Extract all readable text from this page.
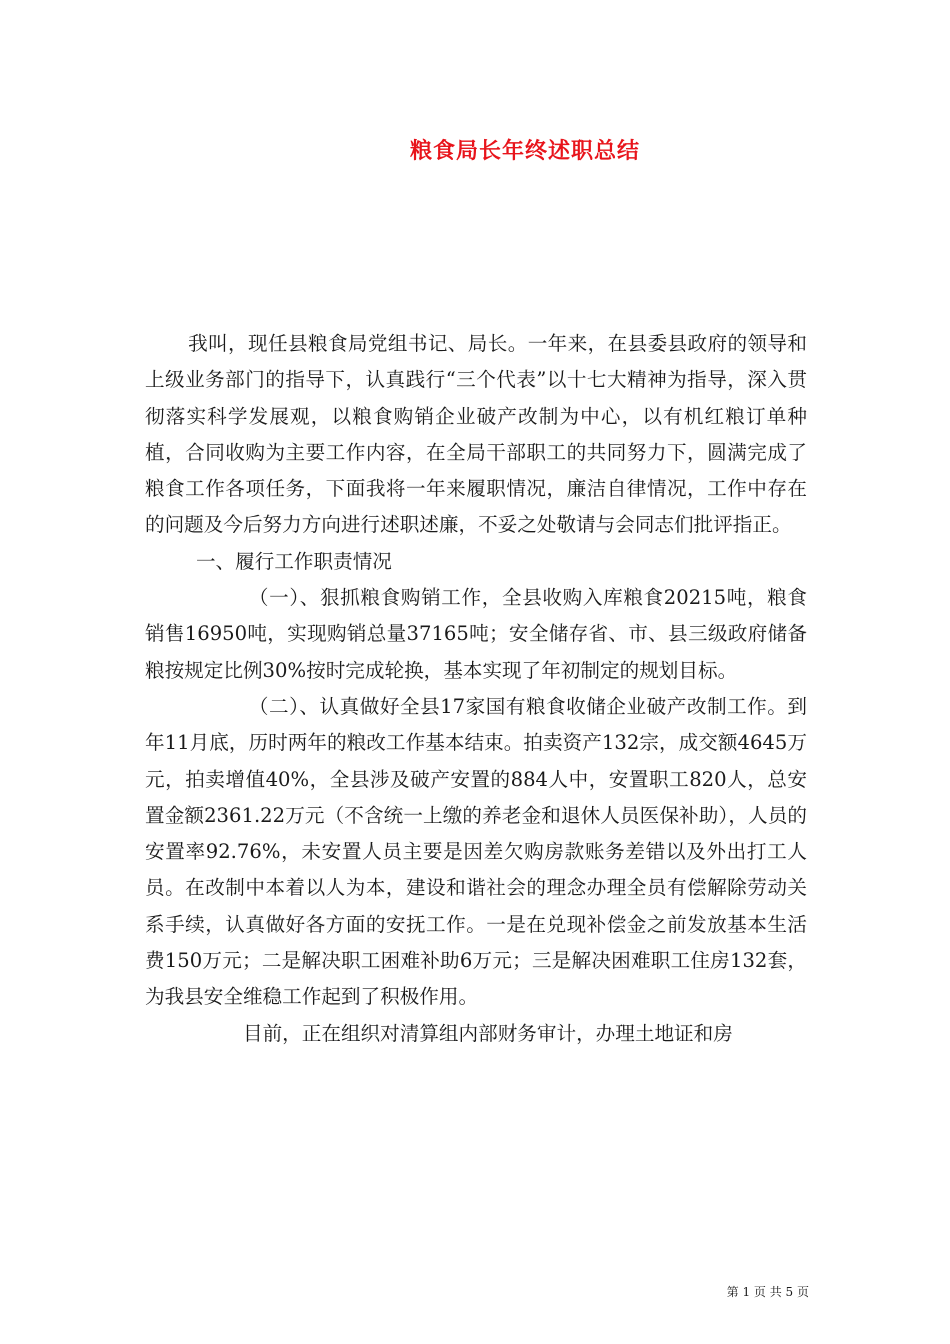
粮食局长年终述职总结

我叫，现任县粮食局党组书记、局长。一年来，在县委县政府的领导和上级业务部门的指导下，认真践行“三个代表”以十七大精神为指导，深入贯彻落实科学发展观，以粮食购销企业破产改制为中心，以有机红粮订单种植，合同收购为主要工作内容，在全局干部职工的共同努力下，圆满完成了粮食工作各项任务，下面我将一年来履职情况，廉洁自律情况，工作中存在的问题及今后努力方向进行述职述廉，不妥之处敬请与会同志们批评指正。

一、履行工作职责情况

（一）、狠抓粮食购销工作，全县收购入库粮食20215吨，粮食销售16950吨，实现购销总量37165吨；安全储存省、市、县三级政府储备粮按规定比例30%按时完成轮换，基本实现了年初制定的规划目标。

（二）、认真做好全县17家国有粮食收储企业破产改制工作。到年11月底，历时两年的粮改工作基本结束。拍卖资产132宗，成交额4645万元，拍卖增值40%，全县涉及破产安置的884人中，安置职工820人，总安置金额2361.22万元（不含统一上缴的养老金和退休人员医保补助），人员的安置率92.76%，未安置人员主要是因差欠购房款账务差错以及外出打工人员。在改制中本着以人为本，建设和谐社会的理念办理全员有偿解除劳动关系手续，认真做好各方面的安抚工作。一是在兑现补偿金之前发放基本生活费150万元；二是解决职工困难补助6万元；三是解决困难职工住房132套，为我县安全维稳工作起到了积极作用。

目前，正在组织对清算组内部财务审计，办理土地证和房

第 1 页 共 5 页
